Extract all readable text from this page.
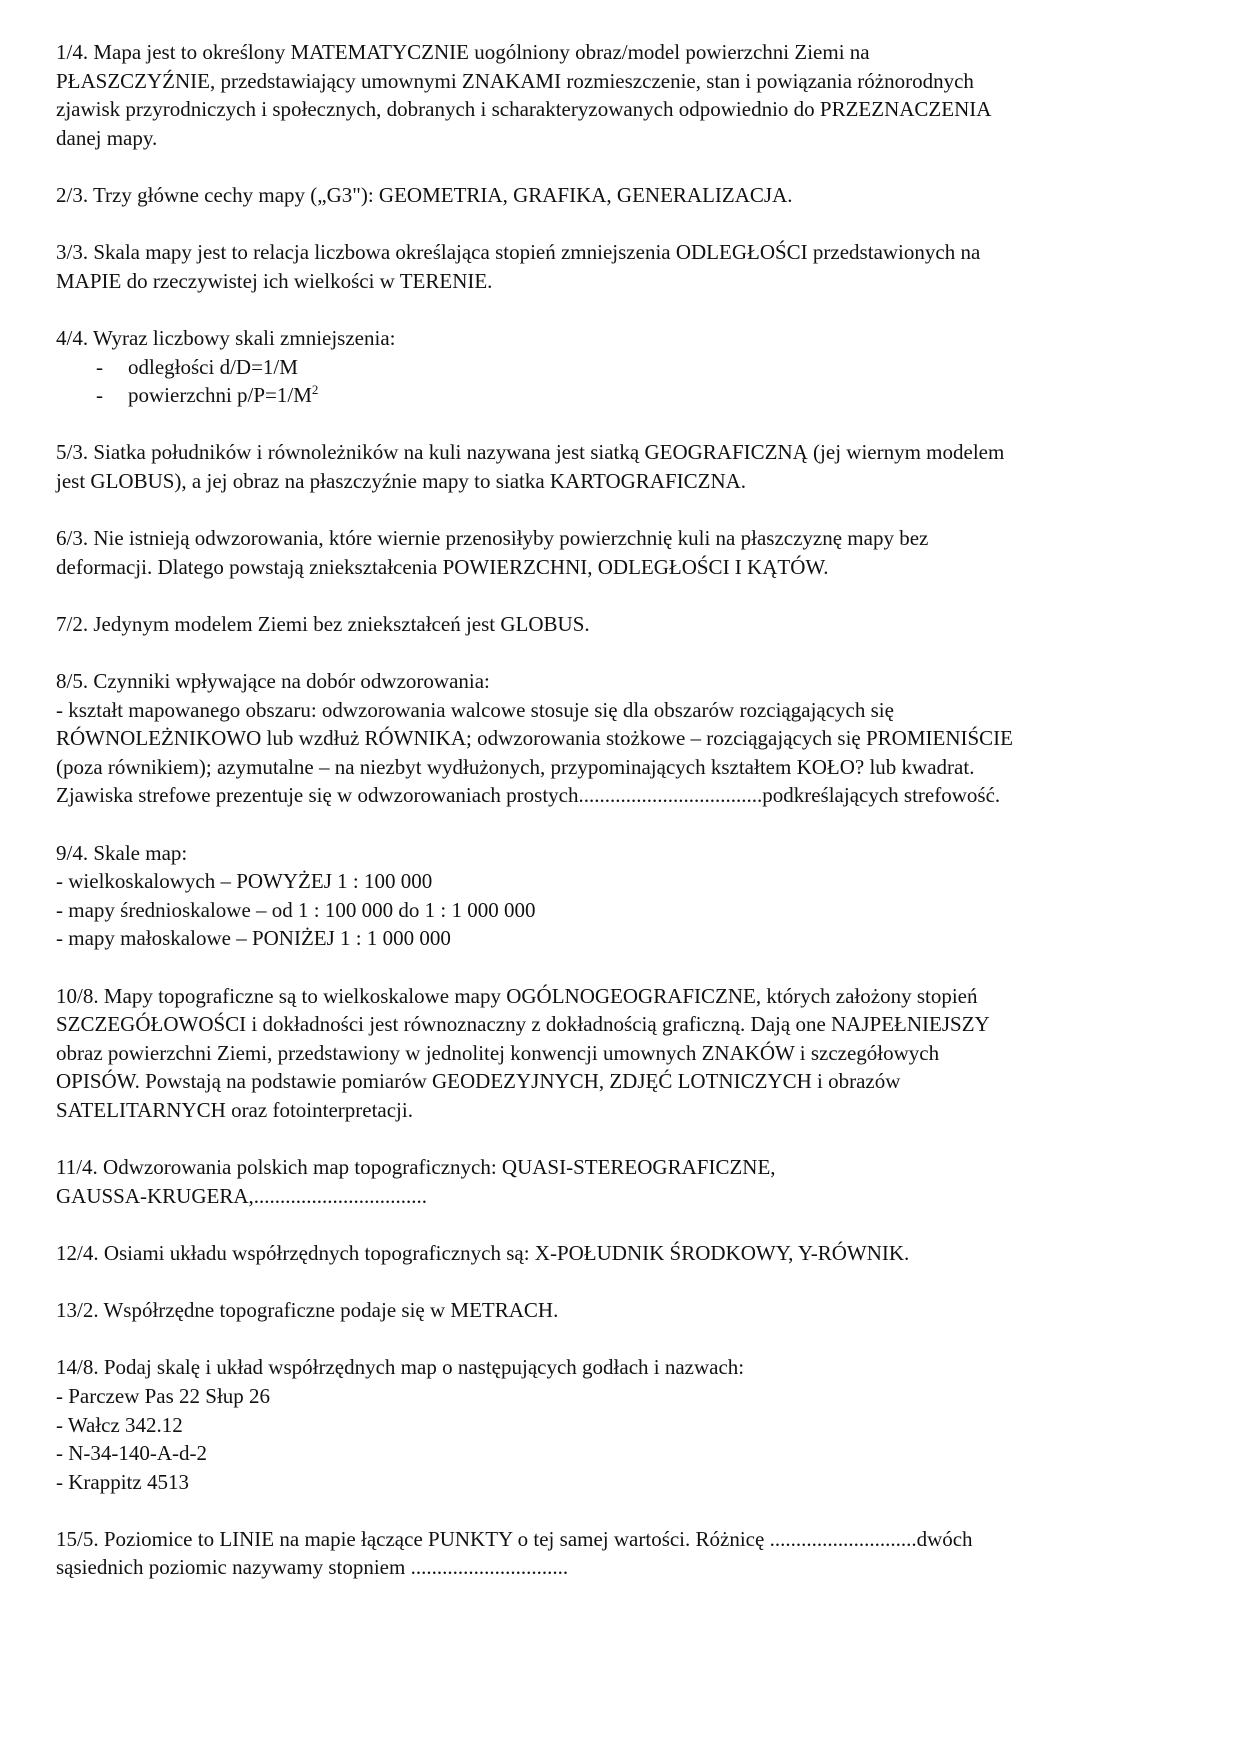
1/4. Mapa jest to określony MATEMATYCZNIE uogólniony obraz/model powierzchni Ziemi na
PŁASZCZYŹNIE, przedstawiający umownymi ZNAKAMI rozmieszczenie, stan i powiązania różnorodnych
zjawisk przyrodniczych i społecznych, dobranych i scharakteryzowanych odpowiednio do PRZEZNACZENIA
danej mapy.
2/3. Trzy główne cechy mapy („G3"): GEOMETRIA, GRAFIKA, GENERALIZACJA.
3/3. Skala mapy jest to relacja liczbowa określająca stopień zmniejszenia ODLEGŁOŚCI przedstawionych na
MAPIE do rzeczywistej ich wielkości w TERENIE.
4/4. Wyraz liczbowy skali zmniejszenia:
- odległości d/D=1/M
- powierzchni $p/P=1/M^2$
5/3. Siatka południków i równoleżników na kuli nazywana jest siatką GEOGRAFICZNĄ (jej wiernym modelem
jest GLOBUS), a jej obraz na płaszczyźnie mapy to siatka KARTOGRAFICZNA.
6/3. Nie istnieją odwzorowania, które wiernie przenosiłyby powierzchnię kuli na płaszczyznę mapy bez
deformacji. Dlatego powstają zniekształcenia POWIERZCHNI, ODLEGŁOŚCI I KĄTÓW.
7/2. Jedynym modelem Ziemi bez zniekształceń jest GLOBUS.
8/5. Czynniki wpływające na dobór odwzorowania:
- kształt mapowanego obszaru: odwzorowania walcowe stosuje się dla obszarów rozciągających się
RÓWNOLEŻNIKOWO lub wzdłuż RÓWNIKA; odwzorowania stożkowe – rozciągających się PROMIENIŚCIE
(poza równikiem); azymutalne – na niezbyt wydłużonych, przypominających kształtem KOŁO? lub kwadrat.
Zjawiska strefowe prezentuje się w odwzorowaniach prostych...................................podkreślających strefowość.
9/4. Skale map:
- wielkoskalowych – POWYŻEJ 1 : 100 000
- mapy średnioskalowe – od 1 : 100 000 do 1 : 1 000 000
- mapy małoskalowe – PONIŻEJ 1 : 1 000 000
10/8. Mapy topograficzne są to wielkoskalowe mapy OGÓLNOGEOGRAFICZNE, których założony stopień
SZCZEGÓŁOWOŚCI i dokładności jest równoznaczny z dokładnością graficzną. Dają one NAJPEŁNIEJSZY
obraz powierzchni Ziemi, przedstawiony w jednolitej konwencji umownych ZNAKÓW i szczegółowych
OPISÓW. Powstają na podstawie pomiarów GEODEZYJNYCH, ZDJĘĆ LOTNICZYCH i obrazów
SATELITARNYCH oraz fotointerpretacji.
11/4. Odwzorowania polskich map topograficznych: QUASI-STEREOGRAFICZNE,
GAUSSA-KRUGERA,.................................
12/4. Osiami układu współrzędnych topograficznych są: X-POŁUDNIK ŚRODKOWY, Y-RÓWNIK.
13/2. Współrzędne topograficzne podaje się w METRACH.
14/8. Podaj skalę i układ współrzędnych map o następujących godłach i nazwach:
- Parczew Pas 22 Słup 26
- Wałcz 342.12
- N-34-140-A-d-2
- Krappitz 4513
15/5. Poziomice to LINIE na mapie łączące PUNKTY o tej samej wartości. Różnicę ............................dwóch
sąsiednich poziomic nazywamy stopniem ..............................
